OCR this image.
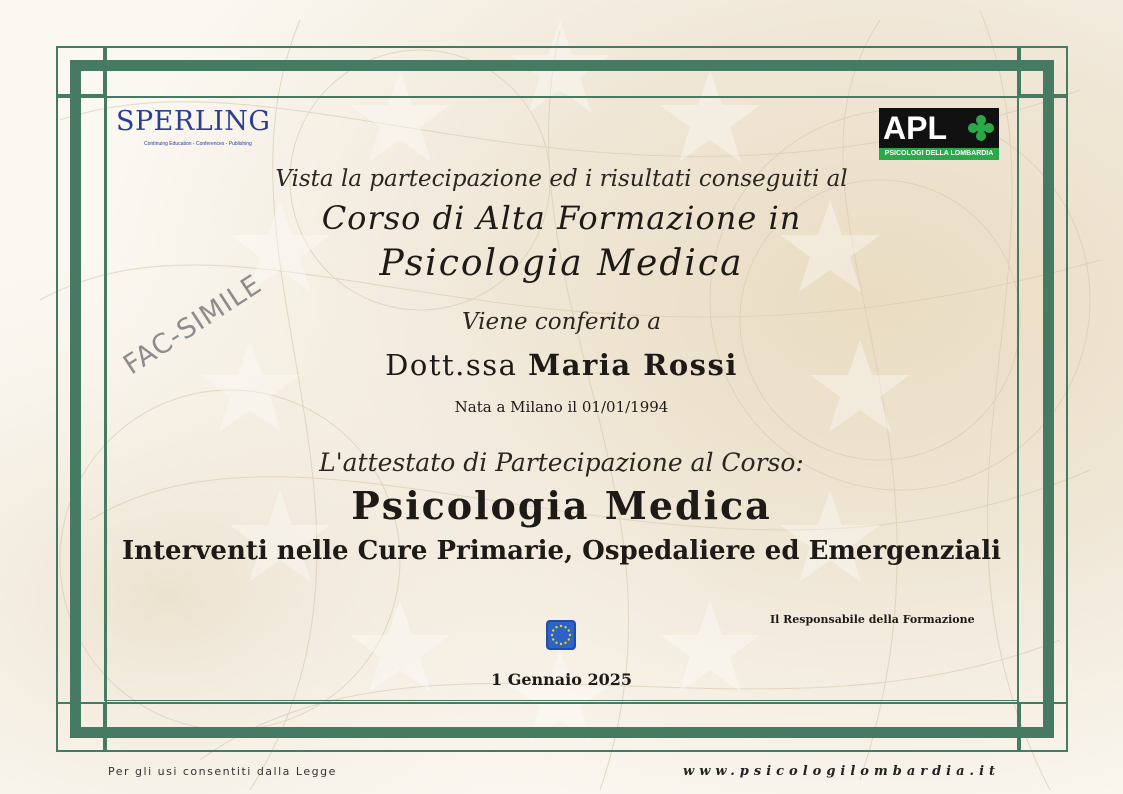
SPERLING
Continuing Education - Conferences - Publishing	APL
PSICOLOGI DELLA LOMBARDIA
FAC-SIMILE
Vista la partecipazione ed i risultati conseguiti al
Corso di Alta Formazione in
Psicologia Medica
Viene conferito a
Dott.ssa Maria Rossi
Nata a Milano il 01/01/1994
L'attestato di Partecipazione al Corso:
Psicologia Medica
Interventi nelle Cure Primarie, Ospedaliere ed Emergenziali
Il Responsabile della Formazione
1 Gennaio 2025
Per gli usi consentiti dalla Legge	www.psicologilombardia.it
